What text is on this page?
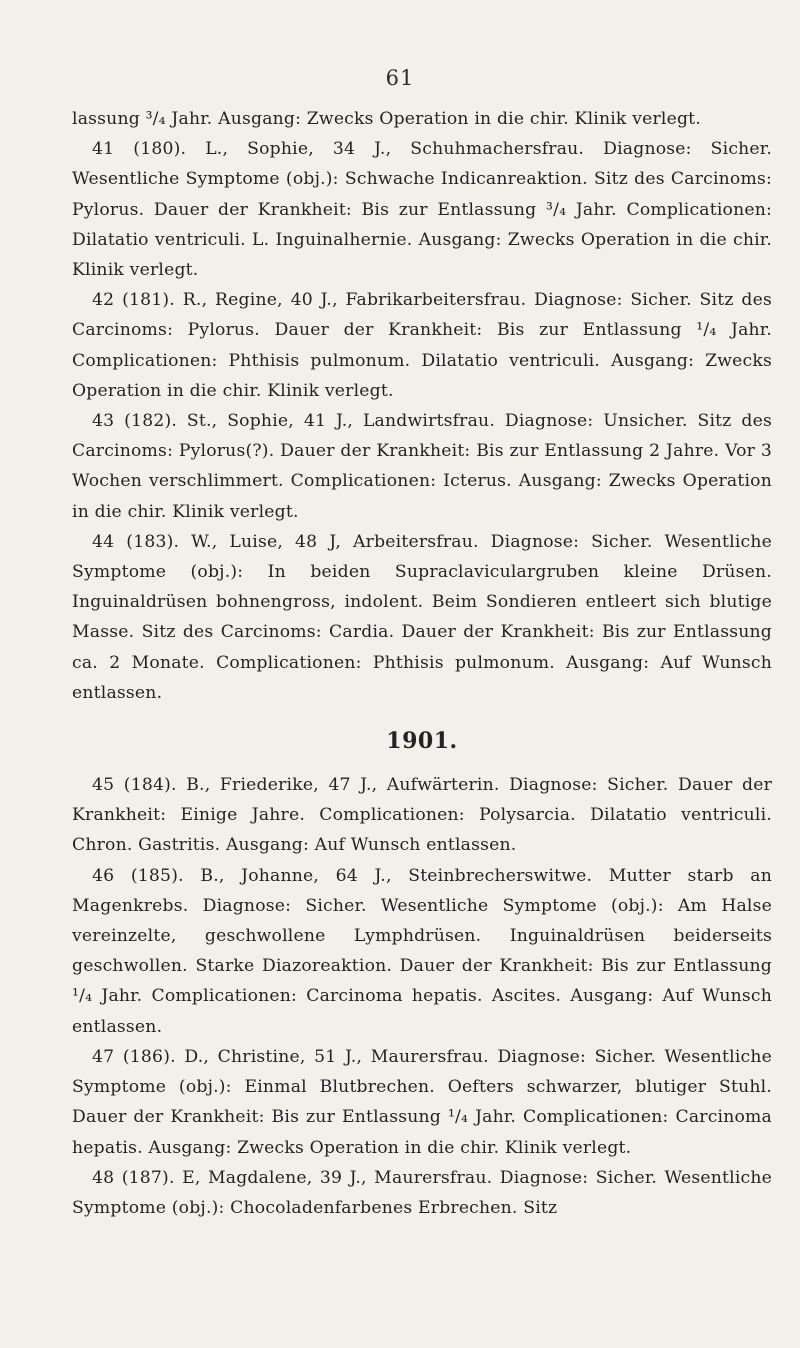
61

lassung ³/₄ Jahr. Ausgang: Zwecks Operation in die chir. Klinik verlegt.

41 (180). L., Sophie, 34 J., Schuhmachersfrau. Diagnose: Sicher. Wesentliche Symptome (obj.): Schwache Indicanreaktion. Sitz des Carcinoms: Pylorus. Dauer der Krankheit: Bis zur Entlassung ³/₄ Jahr. Complicationen: Dilatatio ventriculi. L. Inguinalhernie. Ausgang: Zwecks Operation in die chir. Klinik verlegt.

42 (181). R., Regine, 40 J., Fabrikarbeitersfrau. Diagnose: Sicher. Sitz des Carcinoms: Pylorus. Dauer der Krankheit: Bis zur Entlassung ¹/₄ Jahr. Complicationen: Phthisis pulmonum. Dilatatio ventriculi. Ausgang: Zwecks Operation in die chir. Klinik verlegt.

43 (182). St., Sophie, 41 J., Landwirtsfrau. Diagnose: Unsicher. Sitz des Carcinoms: Pylorus(?). Dauer der Krankheit: Bis zur Entlassung 2 Jahre. Vor 3 Wochen verschlimmert. Complicationen: Icterus. Ausgang: Zwecks Operation in die chir. Klinik verlegt.

44 (183). W., Luise, 48 J, Arbeitersfrau. Diagnose: Sicher. Wesentliche Symptome (obj.): In beiden Supraclaviculargruben kleine Drüsen. Inguinaldrüsen bohnengross, indolent. Beim Sondieren entleert sich blutige Masse. Sitz des Carcinoms: Cardia. Dauer der Krankheit: Bis zur Entlassung ca. 2 Monate. Complicationen: Phthisis pulmonum. Ausgang: Auf Wunsch entlassen.

1901.

45 (184). B., Friederike, 47 J., Aufwärterin. Diagnose: Sicher. Dauer der Krankheit: Einige Jahre. Complicationen: Polysarcia. Dilatatio ventriculi. Chron. Gastritis. Ausgang: Auf Wunsch entlassen.

46 (185). B., Johanne, 64 J., Steinbrecherswitwe. Mutter starb an Magenkrebs. Diagnose: Sicher. Wesentliche Symptome (obj.): Am Halse vereinzelte, geschwollene Lymphdrüsen. Inguinaldrüsen beiderseits geschwollen. Starke Diazoreaktion. Dauer der Krankheit: Bis zur Entlassung ¹/₄ Jahr. Complicationen: Carcinoma hepatis. Ascites. Ausgang: Auf Wunsch entlassen.

47 (186). D., Christine, 51 J., Maurersfrau. Diagnose: Sicher. Wesentliche Symptome (obj.): Einmal Blutbrechen. Oefters schwarzer, blutiger Stuhl. Dauer der Krankheit: Bis zur Entlassung ¹/₄ Jahr. Complicationen: Carcinoma hepatis. Ausgang: Zwecks Operation in die chir. Klinik verlegt.

48 (187). E, Magdalene, 39 J., Maurersfrau. Diagnose: Sicher. Wesentliche Symptome (obj.): Chocoladenfarbenes Erbrechen. Sitz
